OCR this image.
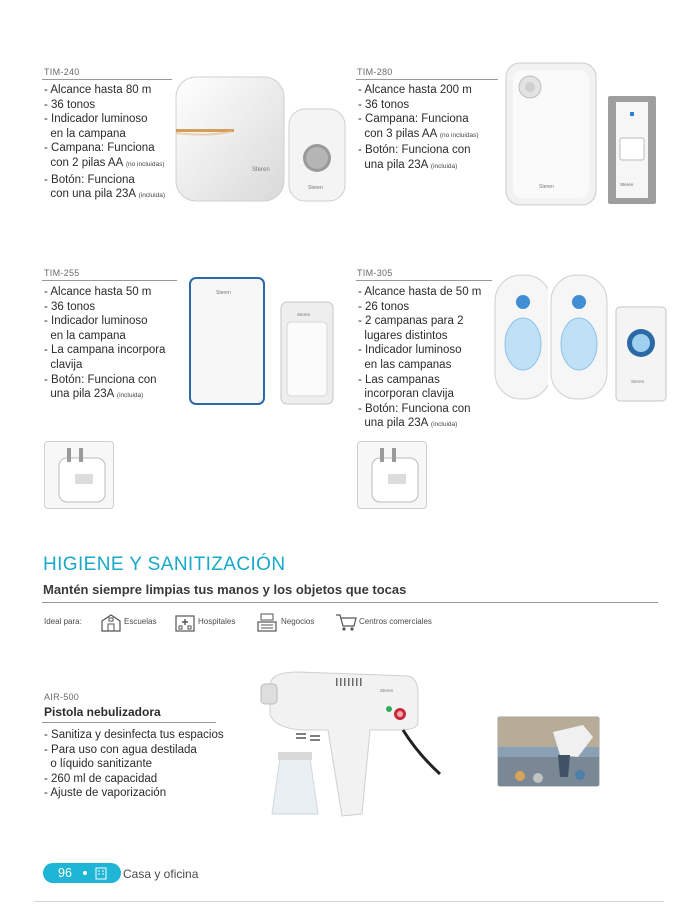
TIM-240
- Alcance hasta 80 m
- 36 tonos
- Indicador luminoso
en la campana
- Campana: Funciona
con 2 pilas AA (no incluidas)
- Botón: Funciona
con una pila 23A (incluida)
Steren
Steren
TIM-280
- Alcance hasta 200 m
- 36 tonos
- Campana: Funciona
con 3 pilas AA (no incluidas)
- Botón: Funciona con
una pila 23A (incluida)
Steren	Steren
TIM-255
- Alcance hasta 50 m
- 36 tonos
- Indicador luminoso
en la campana
- La campana incorpora
clavija
- Botón: Funciona con
una pila 23A (incluida)
Steren
Steren
TIM-305
- Alcance hasta de 50 m
- 26 tonos
- 2 campanas para 2
lugares distintos
- Indicador luminoso
en las campanas
- Las campanas
incorporan clavija
- Botón: Funciona con
una pila 23A (incluida)
Steren
HIGIENE Y SANITIZACIÓN
Mantén siempre limpias tus manos y los objetos que tocas
Ideal para:	Escuelas	Hospitales	Negocios	Centros comerciales
AIR-500
Pistola nebulizadora
- Sanitiza y desinfecta tus espacios
- Para uso con agua destilada
o líquido sanitizante
- 260 ml de capacidad
- Ajuste de vaporización
Steren
96	Casa y oficina
